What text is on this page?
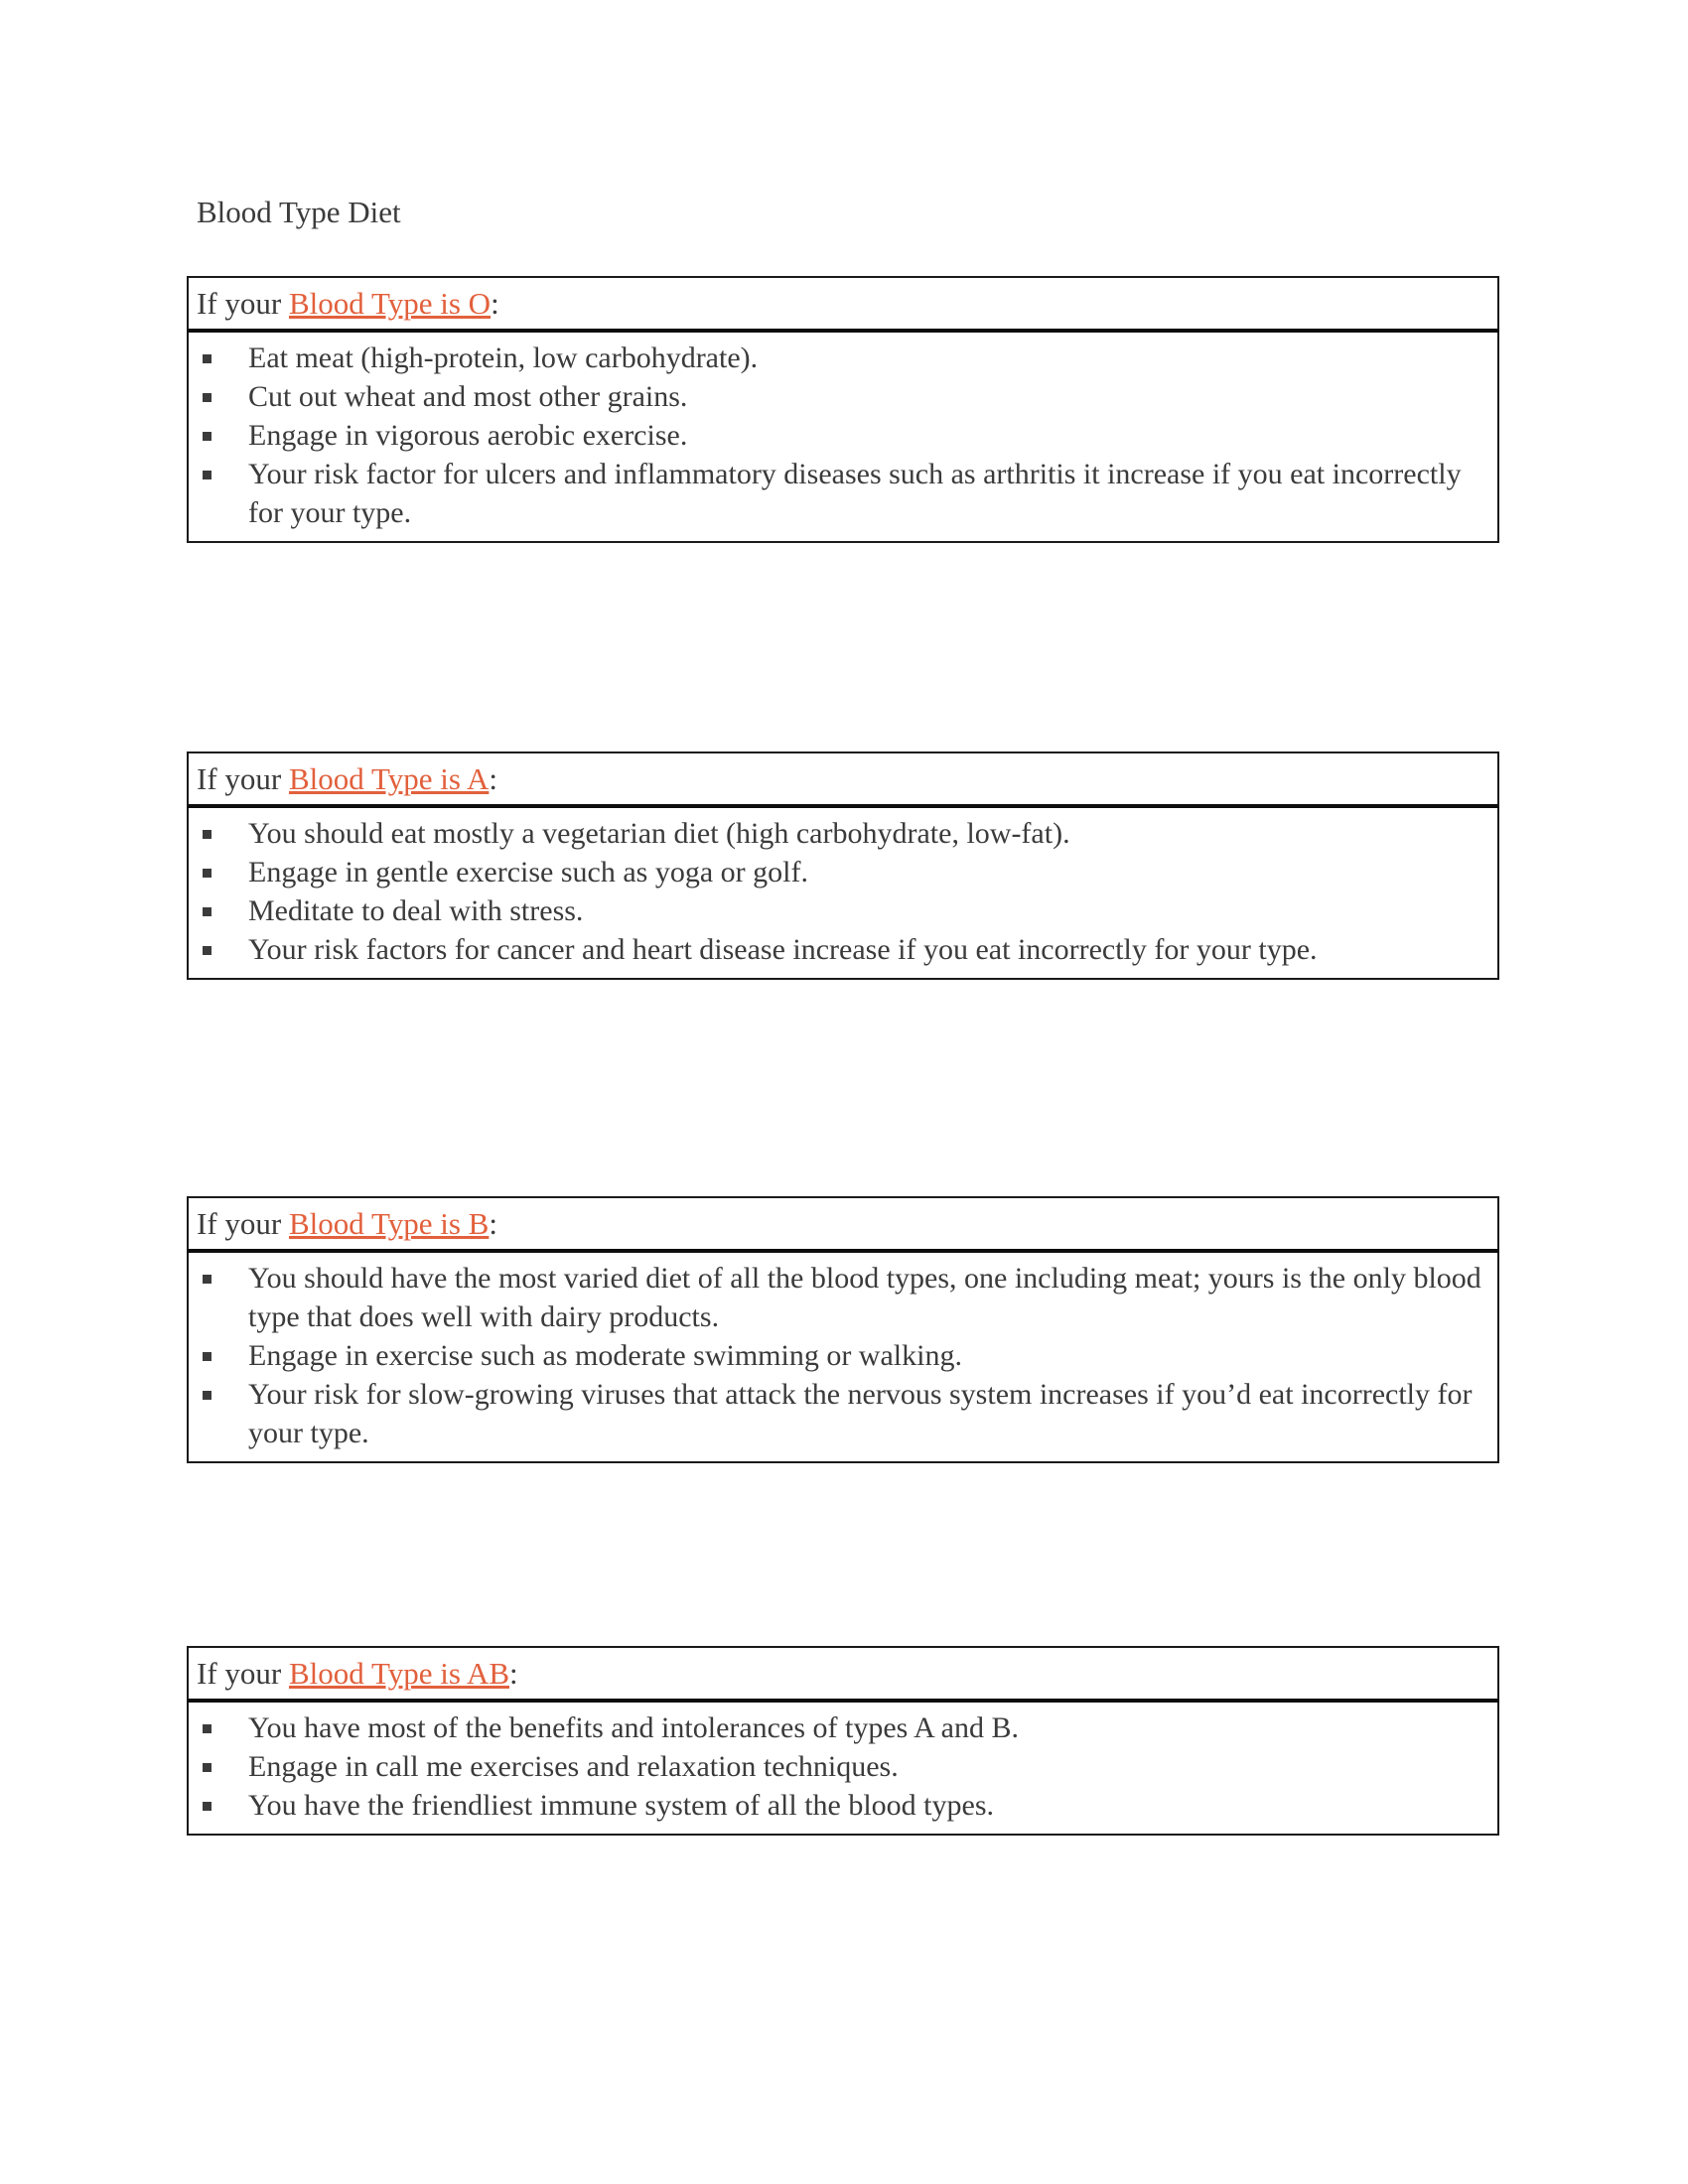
Blood Type Diet
If your Blood Type is O:
Eat meat (high-protein, low carbohydrate).
Cut out wheat and most other grains.
Engage in vigorous aerobic exercise.
Your risk factor for ulcers and inflammatory diseases such as arthritis it increase if you eat incorrectly for your type.
If your Blood Type is A:
You should eat mostly a vegetarian diet (high carbohydrate, low-fat).
Engage in gentle exercise such as yoga or golf.
Meditate to deal with stress.
Your risk factors for cancer and heart disease increase if you eat incorrectly for your type.
If your Blood Type is B:
You should have the most varied diet of all the blood types, one including meat; yours is the only blood type that does well with dairy products.
Engage in exercise such as moderate swimming or walking.
Your risk for slow-growing viruses that attack the nervous system increases if you’d eat incorrectly for your type.
If your Blood Type is AB:
You have most of the benefits and intolerances of types A and B.
Engage in call me exercises and relaxation techniques.
You have the friendliest immune system of all the blood types.
